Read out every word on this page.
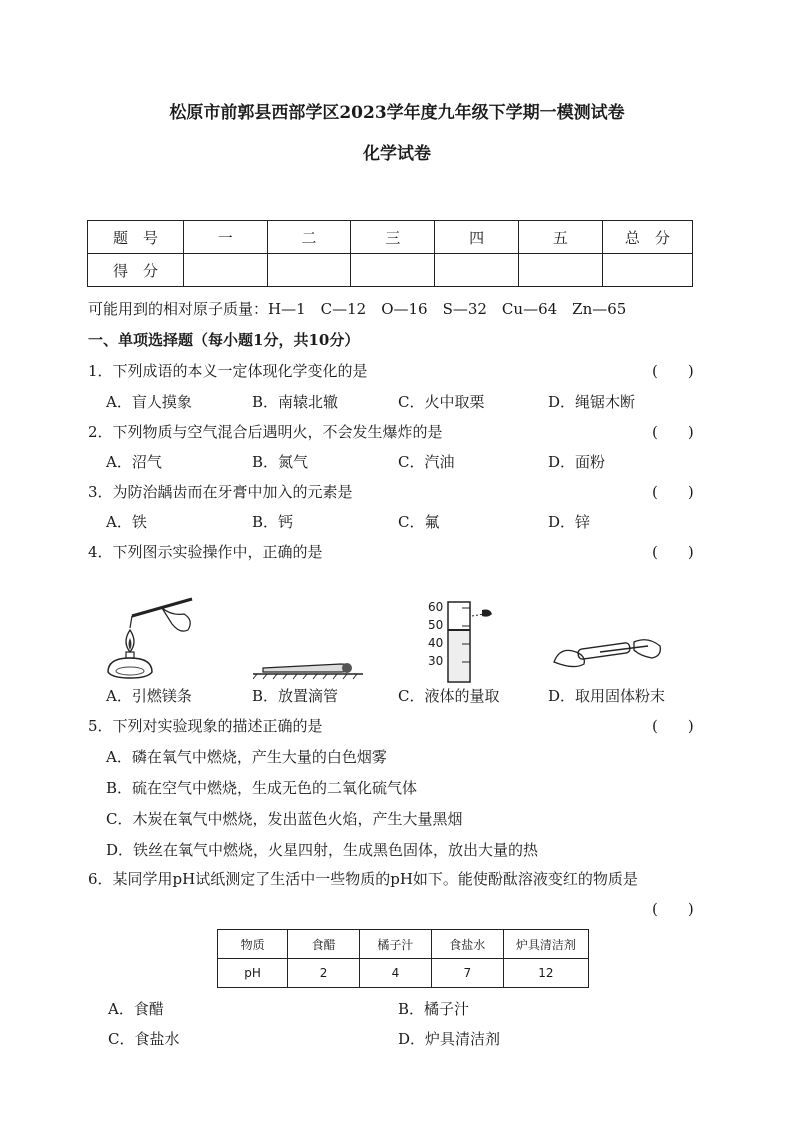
松原市前郭县西部学区2023学年度九年级下学期一模测试卷
化学试卷
题　号	一	二	三	四	五	总　分
得　分						
可能用到的相对原子质量：H—1　C—12　O—16　S—32　Cu—64　Zn—65
一、单项选择题（每小题1分，共10分）
1．下列成语的本义一定体现化学变化的是	(　　)
A．盲人摸象	B．南辕北辙	C．火中取栗	D．绳锯木断
2．下列物质与空气混合后遇明火，不会发生爆炸的是	(　　)
A．沼气	B．氮气	C．汽油	D．面粉
3．为防治龋齿而在牙膏中加入的元素是	(　　)
A．铁	B．钙	C．氟	D．锌
4．下列图示实验操作中，正确的是	(　　)
60
50
40
30
A．引燃镁条	B．放置滴管	C．液体的量取	D．取用固体粉末
5．下列对实验现象的描述正确的是	(　　)
A．磷在氧气中燃烧，产生大量的白色烟雾
B．硫在空气中燃烧，生成无色的二氧化硫气体
C．木炭在氧气中燃烧，发出蓝色火焰，产生大量黑烟
D．铁丝在氧气中燃烧，火星四射，生成黑色固体，放出大量的热
6．某同学用pH试纸测定了生活中一些物质的pH如下。能使酚酞溶液变红的物质是
(　　)
物质	食醋	橘子汁	食盐水	炉具清洁剂
pH	2	4	7	12
A．食醋	B．橘子汁
C．食盐水	D．炉具清洁剂
